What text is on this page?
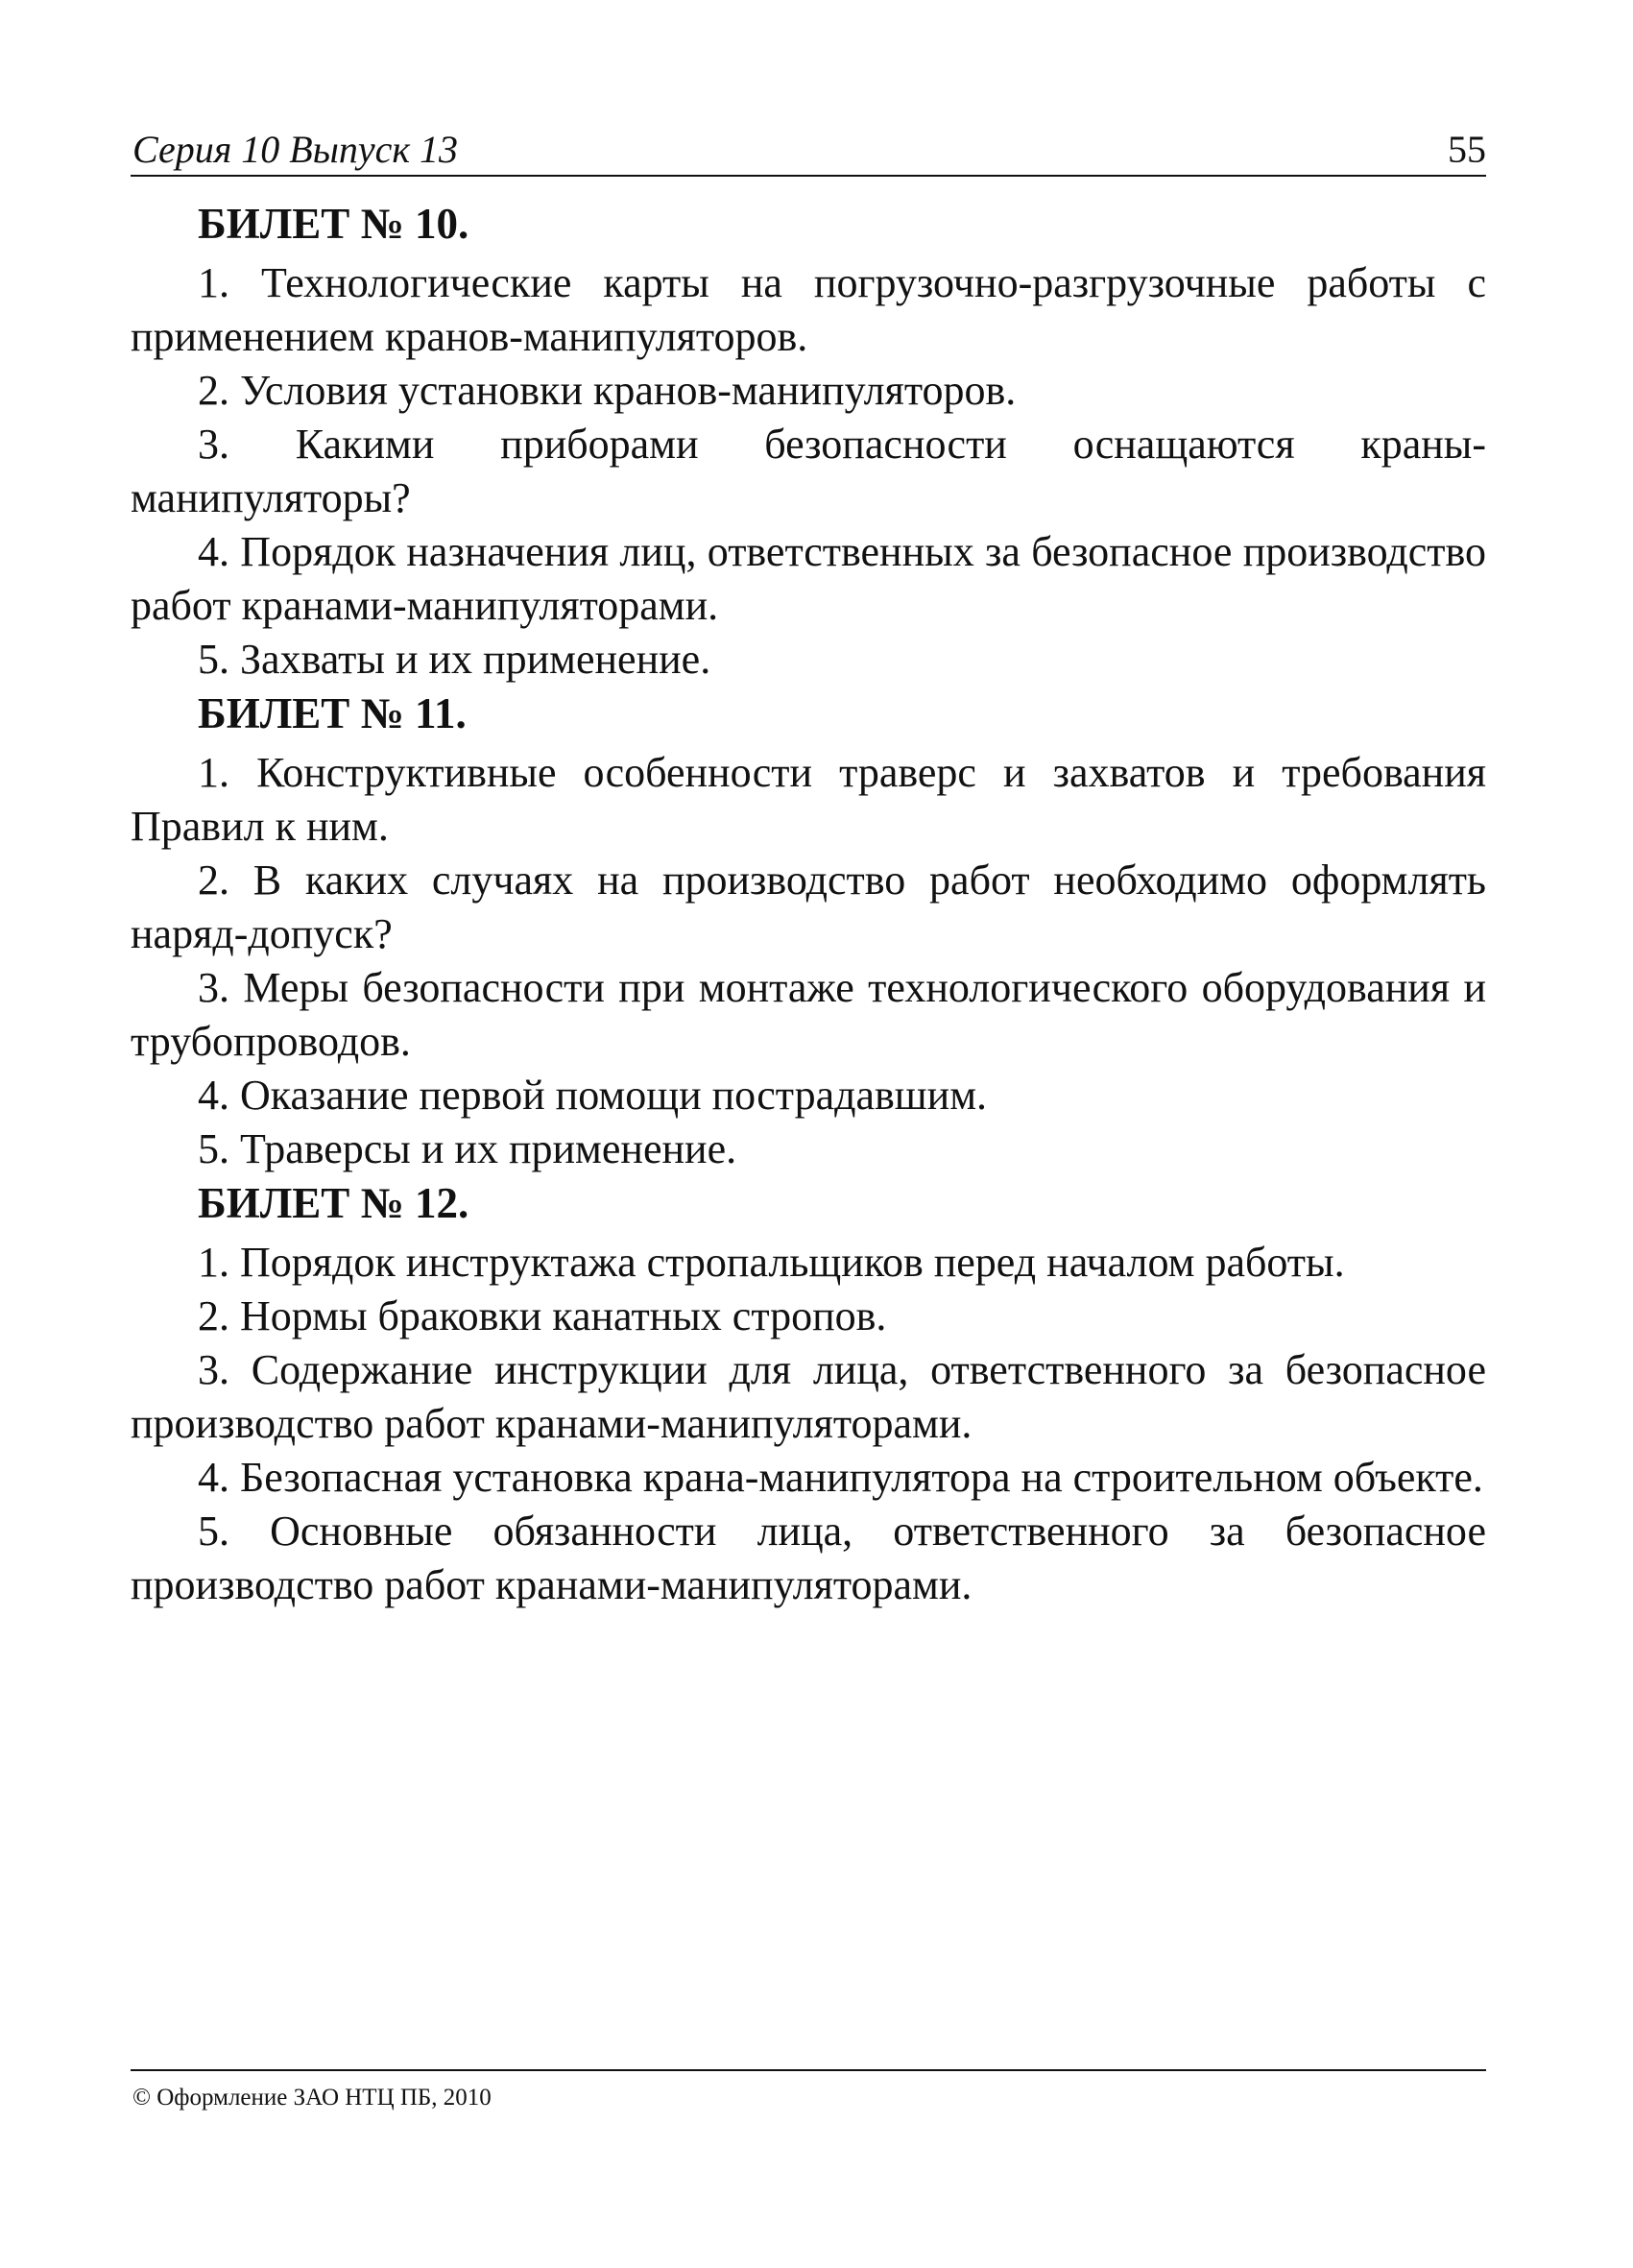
Серия 10 Выпуск 13	55

БИЛЕТ № 10.

1. Технологические карты на погрузочно-разгрузочные работы с применением кранов-манипуляторов.

2. Условия установки кранов-манипуляторов.

3. Какими приборами безопасности оснащаются краны-манипуляторы?

4. Порядок назначения лиц, ответственных за безопасное производство работ кранами-манипуляторами.

5. Захваты и их применение.

БИЛЕТ № 11.

1. Конструктивные особенности траверс и захватов и требования Правил к ним.

2. В каких случаях на производство работ необходимо оформлять наряд-допуск?

3. Меры безопасности при монтаже технологического оборудования и трубопроводов.

4. Оказание первой помощи пострадавшим.

5. Траверсы и их применение.

БИЛЕТ № 12.

1. Порядок инструктажа стропальщиков перед началом работы.

2. Нормы браковки канатных стропов.

3. Содержание инструкции для лица, ответственного за безопасное производство работ кранами-манипуляторами.

4. Безопасная установка крана-манипулятора на строительном объекте.

5. Основные обязанности лица, ответственного за безопасное производство работ кранами-манипуляторами.

© Оформление ЗАО НТЦ ПБ, 2010
